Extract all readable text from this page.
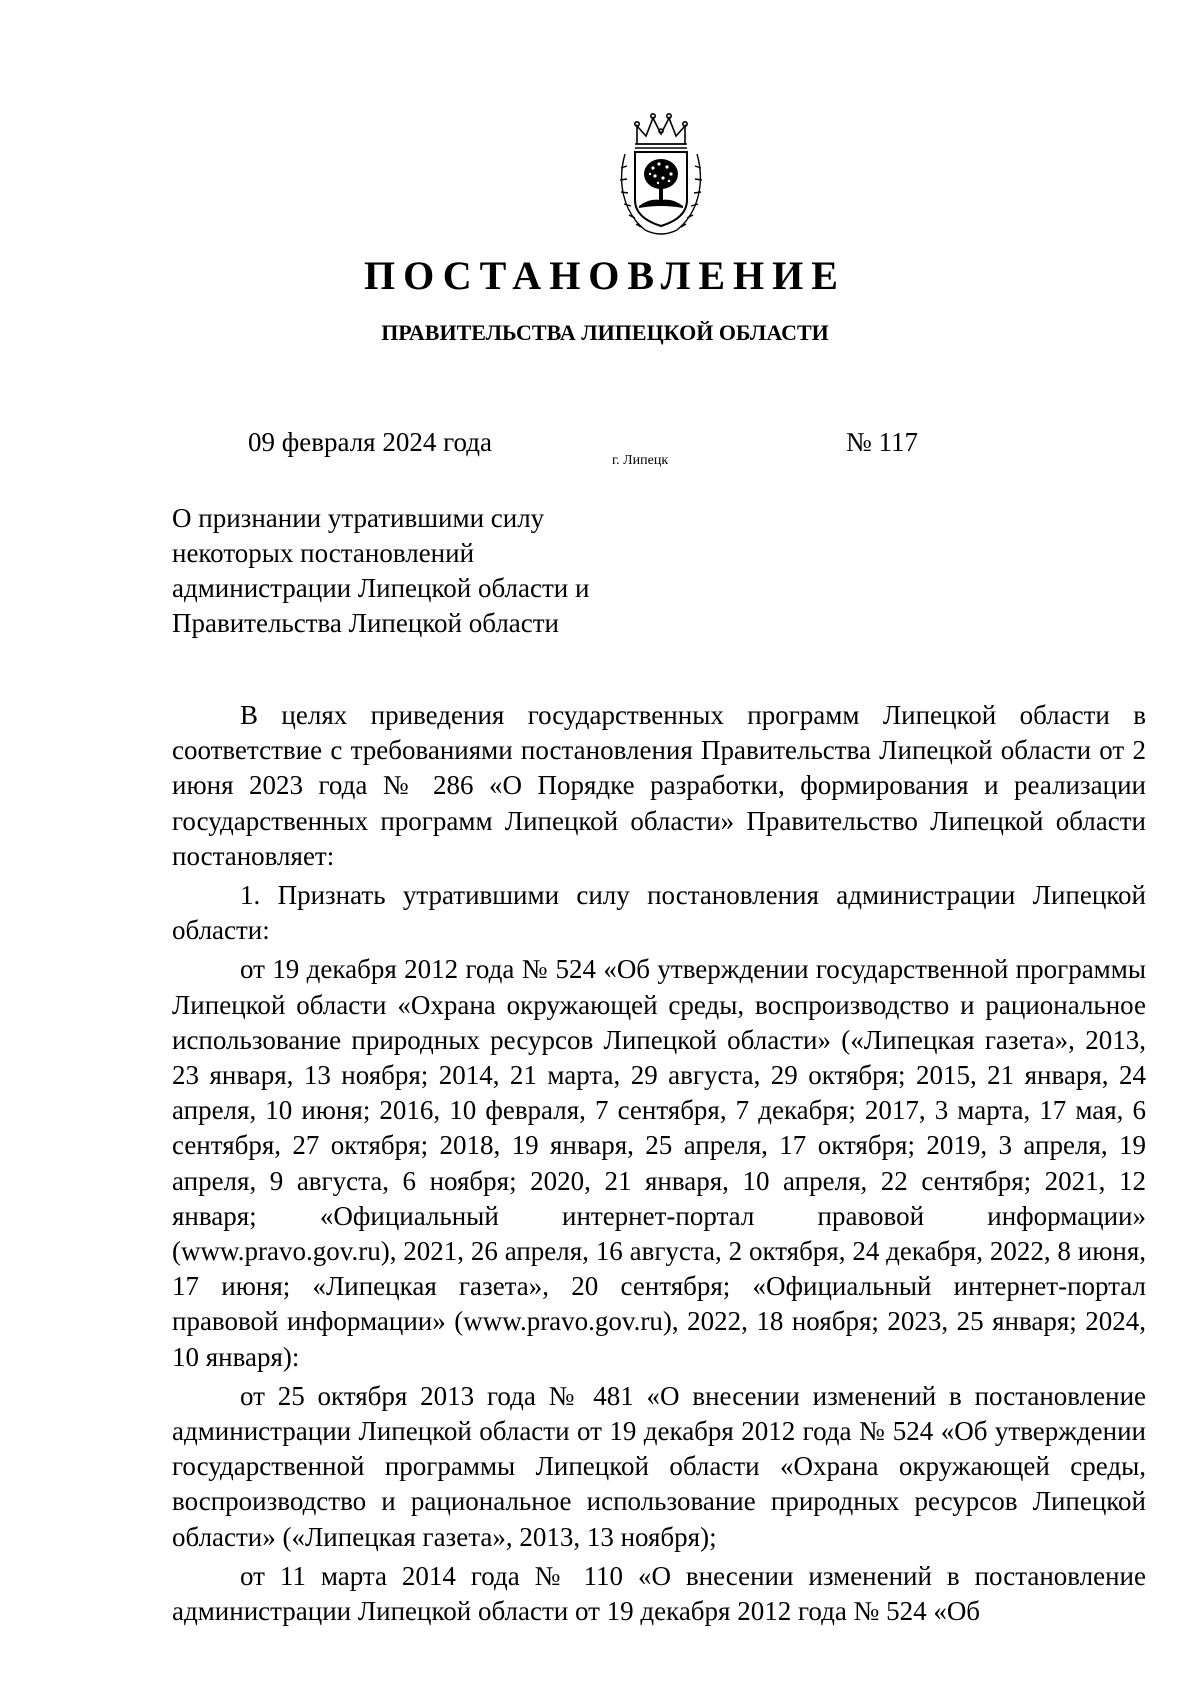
ПОСТАНОВЛЕНИЕ
ПРАВИТЕЛЬСТВА ЛИПЕЦКОЙ ОБЛАСТИ
09 февраля 2024 года
г. Липецк
№ 117
О признании утратившими силу
некоторых постановлений
администрации Липецкой области и
Правительства Липецкой области

В целях приведения государственных программ Липецкой области в соответствие с требованиями постановления Правительства Липецкой области от 2 июня 2023 года № 286 «О Порядке разработки, формирования и реализации государственных программ Липецкой области» Правительство Липецкой области постановляет:

1. Признать утратившими силу постановления администрации Липецкой области:

от 19 декабря 2012 года № 524 «Об утверждении государственной программы Липецкой области «Охрана окружающей среды, воспроизводство и рациональное использование природных ресурсов Липецкой области» («Липецкая газета», 2013, 23 января, 13 ноября; 2014, 21 марта, 29 августа, 29 октября; 2015, 21 января, 24 апреля, 10 июня; 2016, 10 февраля, 7 сентября, 7 декабря; 2017, 3 марта, 17 мая, 6 сентября, 27 октября; 2018, 19 января, 25 апреля, 17 октября; 2019, 3 апреля, 19 апреля, 9 августа, 6 ноября; 2020, 21 января, 10 апреля, 22 сентября; 2021, 12 января; «Официальный интернет-портал правовой информации» (www.pravo.gov.ru), 2021, 26 апреля, 16 августа, 2 октября, 24 декабря, 2022, 8 июня, 17 июня; «Липецкая газета», 20 сентября; «Официальный интернет-портал правовой информации» (www.pravo.gov.ru), 2022, 18 ноября; 2023, 25 января; 2024, 10 января):

от 25 октября 2013 года № 481 «О внесении изменений в постановление администрации Липецкой области от 19 декабря 2012 года № 524 «Об утверждении государственной программы Липецкой области «Охрана окружающей среды, воспроизводство и рациональное использование природных ресурсов Липецкой области» («Липецкая газета», 2013, 13 ноября);

от 11 марта 2014 года № 110 «О внесении изменений в постановление администрации Липецкой области от 19 декабря 2012 года № 524 «Об
